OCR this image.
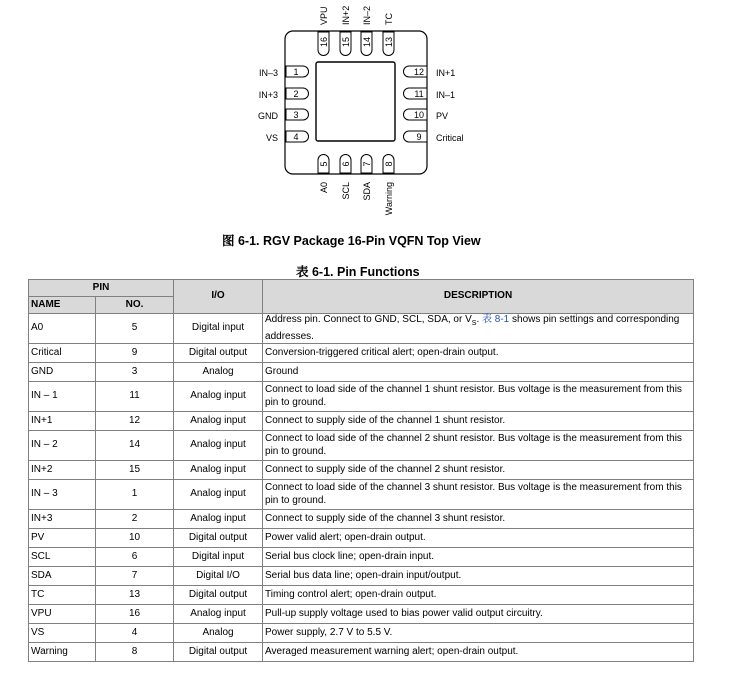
1
IN–3
2
IN+3
3
GND
4
VS
12 IN+1
11 IN–1
10 PV
9 Critical
16
VPU
15
IN+2
14
IN–2
13
TC
5
A0
6
SCL
7
SDA
8
Warning
图 6-1. RGV Package 16-Pin VQFN Top View
表 6-1. Pin Functions
PIN		I/O	DESCRIPTION
NAME	NO.		
A0	5	Digital input	Address pin. Connect to GND, SCL, SDA, or $V_S$. 表 8-1 shows pin settings and corresponding addresses.
Critical	9	Digital output	Conversion-triggered critical alert; open-drain output.
GND	3	Analog	Ground
IN – 1	11	Analog input	Connect to load side of the channel 1 shunt resistor. Bus voltage is the measurement from this pin to ground.
IN+1	12	Analog input	Connect to supply side of the channel 1 shunt resistor.
IN – 2	14	Analog input	Connect to load side of the channel 2 shunt resistor. Bus voltage is the measurement from this pin to ground.
IN+2	15	Analog input	Connect to supply side of the channel 2 shunt resistor.
IN – 3	1	Analog input	Connect to load side of the channel 3 shunt resistor. Bus voltage is the measurement from this pin to ground.
IN+3	2	Analog input	Connect to supply side of the channel 3 shunt resistor.
PV	10	Digital output	Power valid alert; open-drain output.
SCL	6	Digital input	Serial bus clock line; open-drain input.
SDA	7	Digital I/O	Serial bus data line; open-drain input/output.
TC	13	Digital output	Timing control alert; open-drain output.
VPU	16	Analog input	Pull-up supply voltage used to bias power valid output circuitry.
VS	4	Analog	Power supply, 2.7 V to 5.5 V.
Warning	8	Digital output	Averaged measurement warning alert; open-drain output.
